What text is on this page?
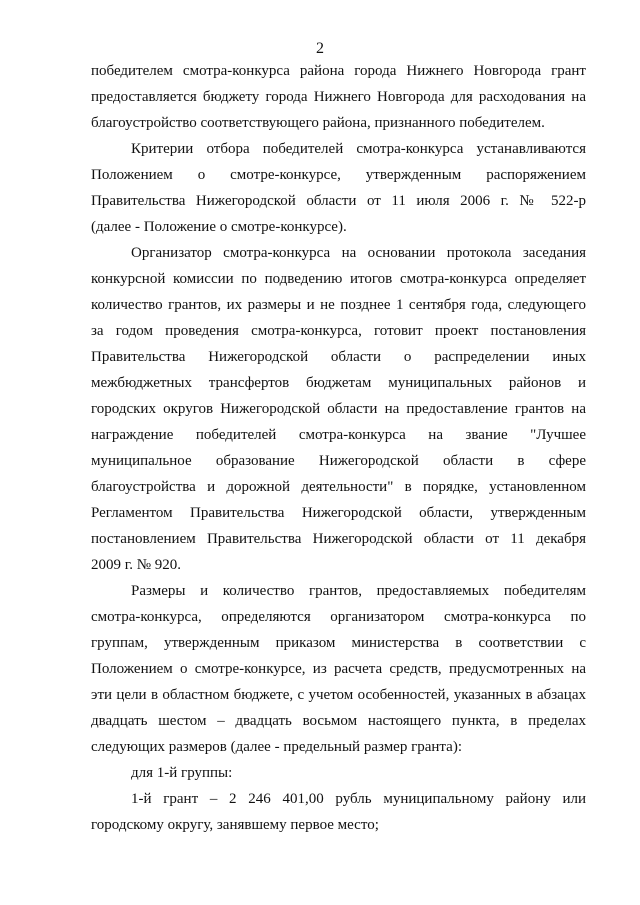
2
победителем смотра-конкурса района города Нижнего Новгорода грант
предоставляется бюджету города Нижнего Новгорода для расходования на
благоустройство соответствующего района, признанного победителем.
Критерии отбора победителей смотра-конкурса устанавливаются
Положением о смотре-конкурсе, утвержденным распоряжением
Правительства Нижегородской области от 11 июля 2006 г. № 522-р
(далее - Положение о смотре-конкурсе).
Организатор смотра-конкурса на основании протокола заседания
конкурсной комиссии по подведению итогов смотра-конкурса определяет
количество грантов, их размеры и не позднее 1 сентября года, следующего
за годом проведения смотра-конкурса, готовит проект постановления
Правительства Нижегородской области о распределении иных
межбюджетных трансфертов бюджетам муниципальных районов и
городских округов Нижегородской области на предоставление грантов на
награждение победителей смотра-конкурса на звание "Лучшее
муниципальное образование Нижегородской области в сфере
благоустройства и дорожной деятельности" в порядке, установленном
Регламентом Правительства Нижегородской области, утвержденным
постановлением Правительства Нижегородской области от 11 декабря
2009 г. № 920.
Размеры и количество грантов, предоставляемых победителям
смотра-конкурса, определяются организатором смотра-конкурса по
группам, утвержденным приказом министерства в соответствии с
Положением о смотре-конкурсе, из расчета средств, предусмотренных на
эти цели в областном бюджете, с учетом особенностей, указанных в абзацах
двадцать шестом – двадцать восьмом настоящего пункта, в пределах
следующих размеров (далее - предельный размер гранта):
для 1-й группы:
1-й грант – 2 246 401,00 рубль муниципальному району или
городскому округу, занявшему первое место;
